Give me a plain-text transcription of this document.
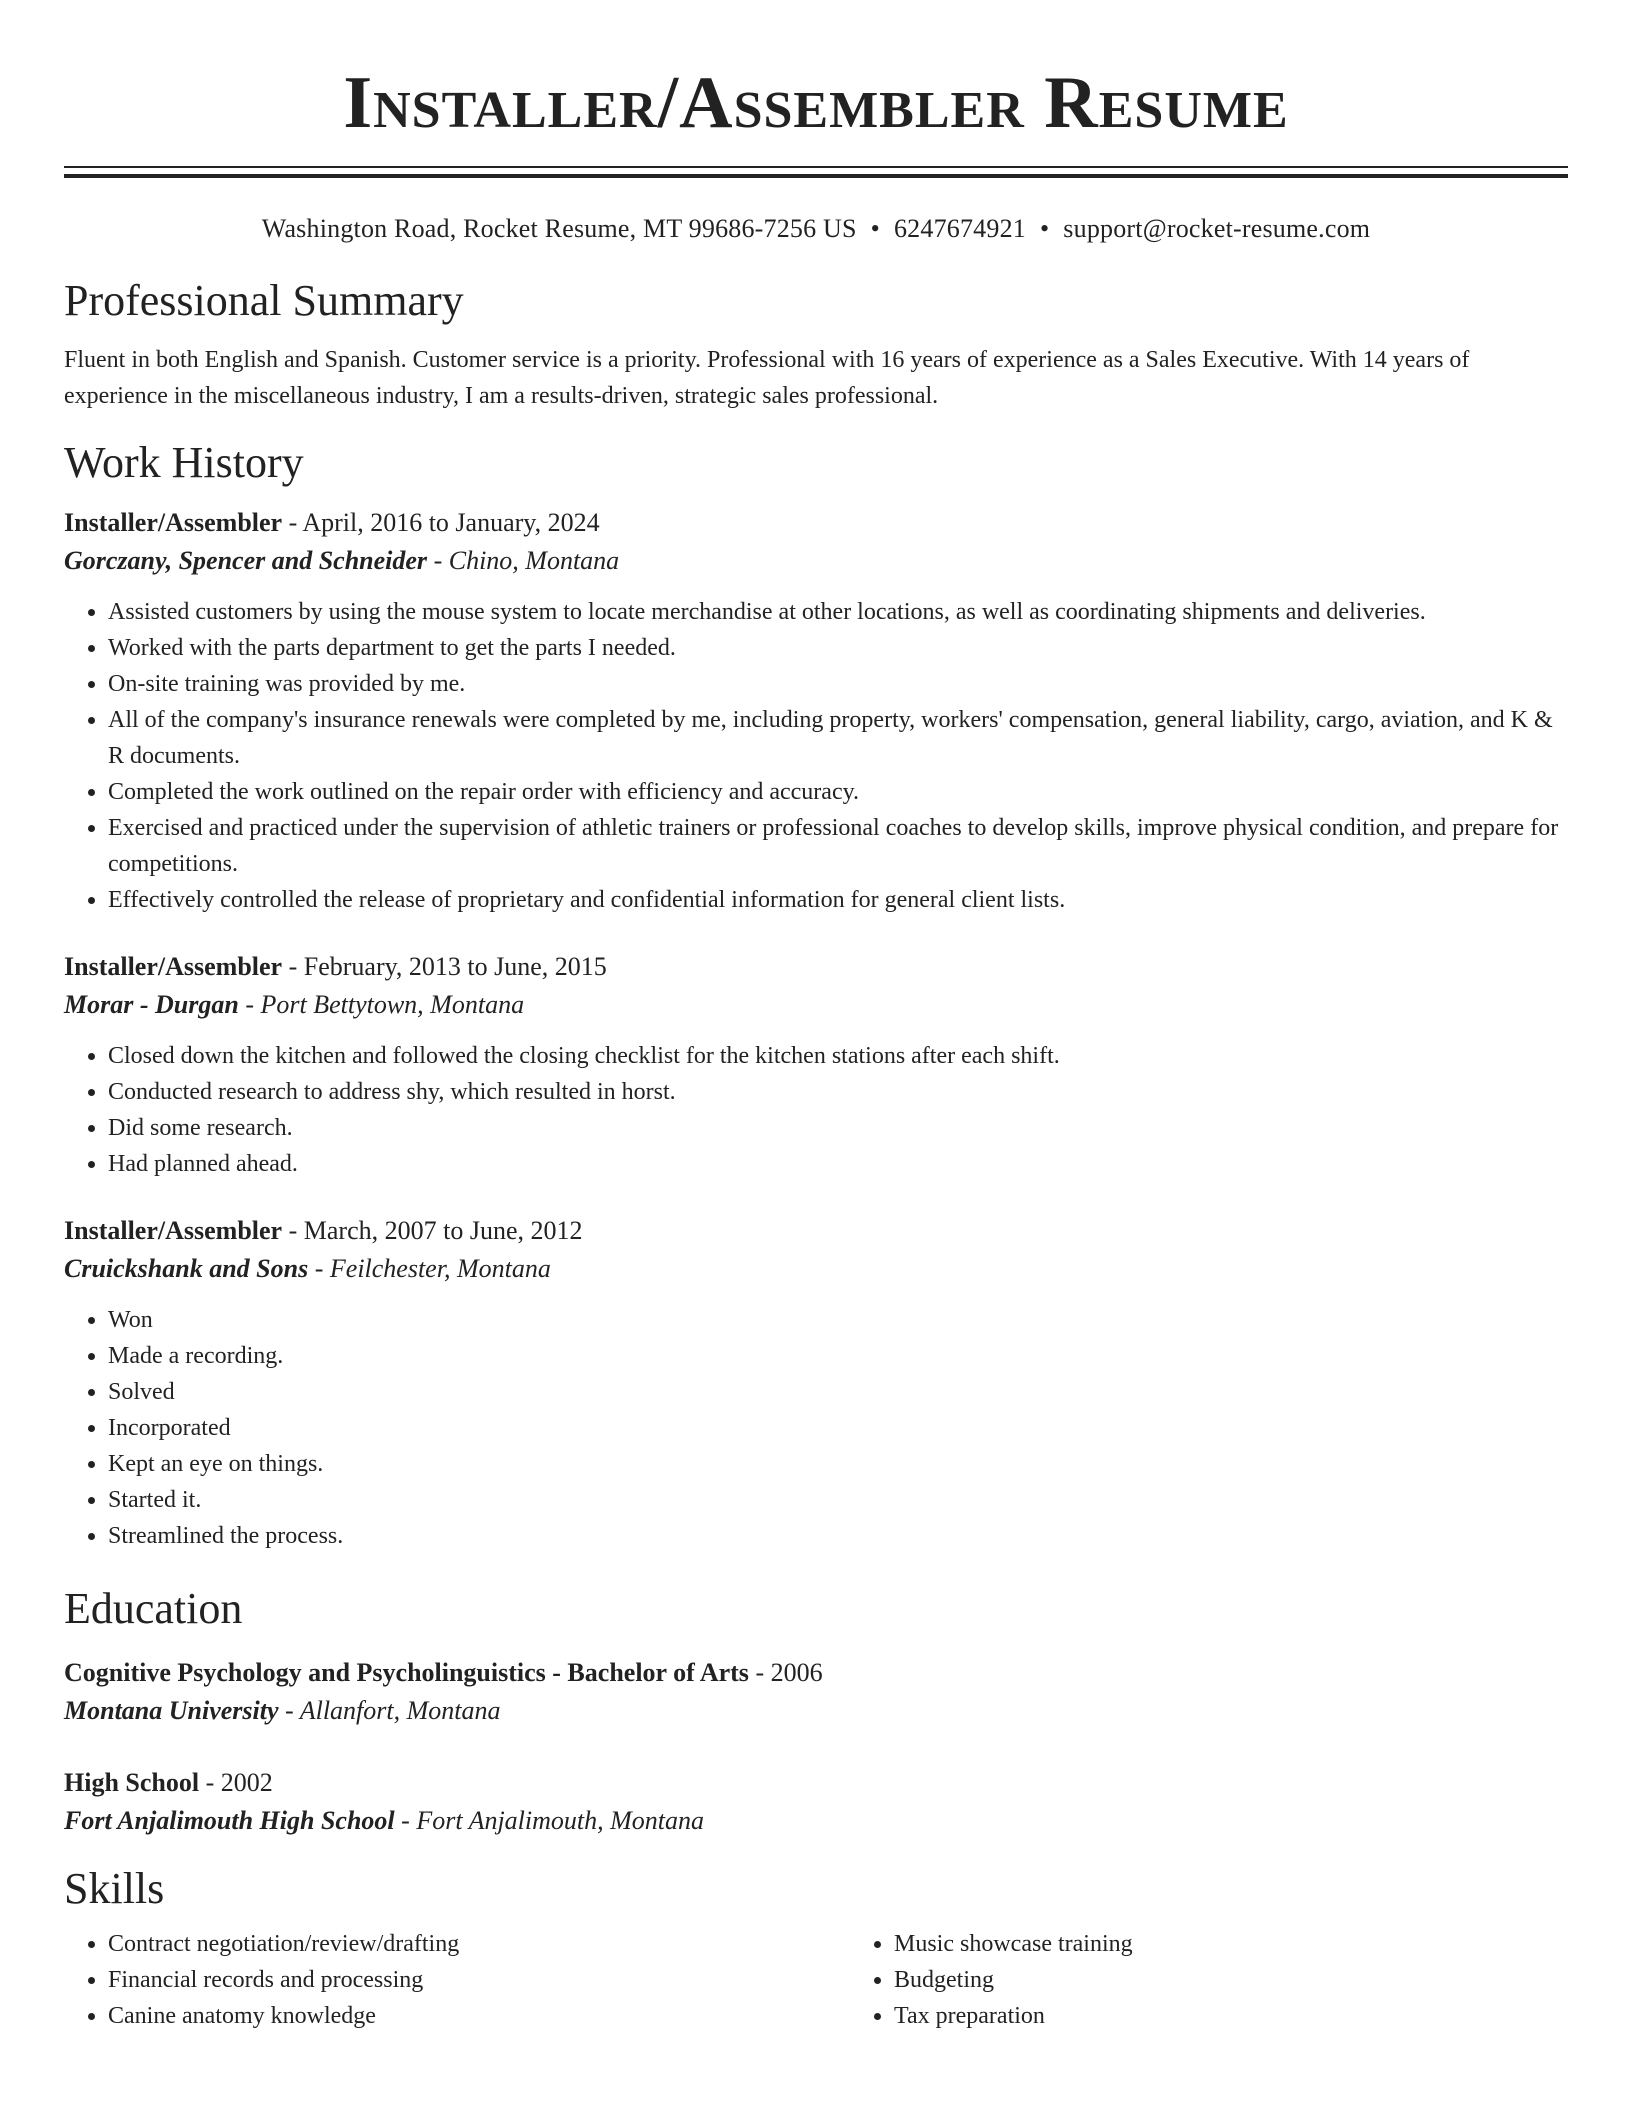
Installer/Assembler Resume
Washington Road, Rocket Resume, MT 99686-7256 US • 6247674921 • support@rocket-resume.com
Professional Summary

Fluent in both English and Spanish. Customer service is a priority. Professional with 16 years of experience as a Sales Executive. With 14 years of experience in the miscellaneous industry, I am a results-driven, strategic sales professional.

Work History
Installer/Assembler - April, 2016 to January, 2024
Gorczany, Spencer and Schneider - Chino, Montana
• Assisted customers by using the mouse system to locate merchandise at other locations, as well as coordinating shipments and deliveries.
• Worked with the parts department to get the parts I needed.
• On-site training was provided by me.
• All of the company's insurance renewals were completed by me, including property, workers' compensation, general liability, cargo, aviation, and K & R documents.
• Completed the work outlined on the repair order with efficiency and accuracy.
• Exercised and practiced under the supervision of athletic trainers or professional coaches to develop skills, improve physical condition, and prepare for competitions.
• Effectively controlled the release of proprietary and confidential information for general client lists.
Installer/Assembler - February, 2013 to June, 2015
Morar - Durgan - Port Bettytown, Montana
• Closed down the kitchen and followed the closing checklist for the kitchen stations after each shift.
• Conducted research to address shy, which resulted in horst.
• Did some research.
• Had planned ahead.
Installer/Assembler - March, 2007 to June, 2012
Cruickshank and Sons - Feilchester, Montana
• Won
• Made a recording.
• Solved
• Incorporated
• Kept an eye on things.
• Started it.
• Streamlined the process.
Education
Cognitive Psychology and Psycholinguistics - Bachelor of Arts - 2006
Montana University - Allanfort, Montana
High School - 2002
Fort Anjalimouth High School - Fort Anjalimouth, Montana
Skills
• Contract negotiation/review/drafting
• Financial records and processing
• Canine anatomy knowledge
• Music showcase training
• Budgeting
• Tax preparation
